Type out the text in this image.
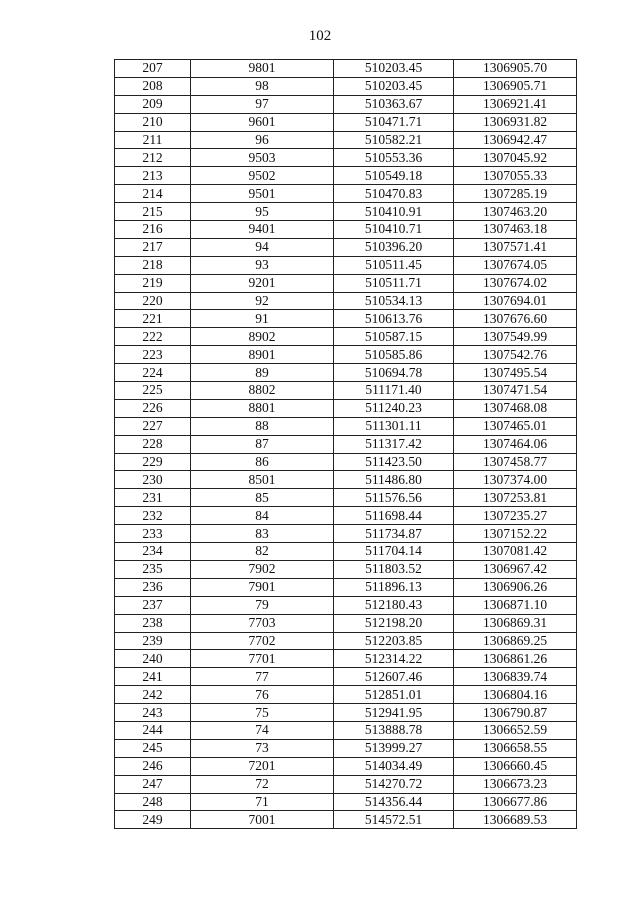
102
207	9801	510203.45	1306905.70
208	98	510203.45	1306905.71
209	97	510363.67	1306921.41
210	9601	510471.71	1306931.82
211	96	510582.21	1306942.47
212	9503	510553.36	1307045.92
213	9502	510549.18	1307055.33
214	9501	510470.83	1307285.19
215	95	510410.91	1307463.20
216	9401	510410.71	1307463.18
217	94	510396.20	1307571.41
218	93	510511.45	1307674.05
219	9201	510511.71	1307674.02
220	92	510534.13	1307694.01
221	91	510613.76	1307676.60
222	8902	510587.15	1307549.99
223	8901	510585.86	1307542.76
224	89	510694.78	1307495.54
225	8802	511171.40	1307471.54
226	8801	511240.23	1307468.08
227	88	511301.11	1307465.01
228	87	511317.42	1307464.06
229	86	511423.50	1307458.77
230	8501	511486.80	1307374.00
231	85	511576.56	1307253.81
232	84	511698.44	1307235.27
233	83	511734.87	1307152.22
234	82	511704.14	1307081.42
235	7902	511803.52	1306967.42
236	7901	511896.13	1306906.26
237	79	512180.43	1306871.10
238	7703	512198.20	1306869.31
239	7702	512203.85	1306869.25
240	7701	512314.22	1306861.26
241	77	512607.46	1306839.74
242	76	512851.01	1306804.16
243	75	512941.95	1306790.87
244	74	513888.78	1306652.59
245	73	513999.27	1306658.55
246	7201	514034.49	1306660.45
247	72	514270.72	1306673.23
248	71	514356.44	1306677.86
249	7001	514572.51	1306689.53
